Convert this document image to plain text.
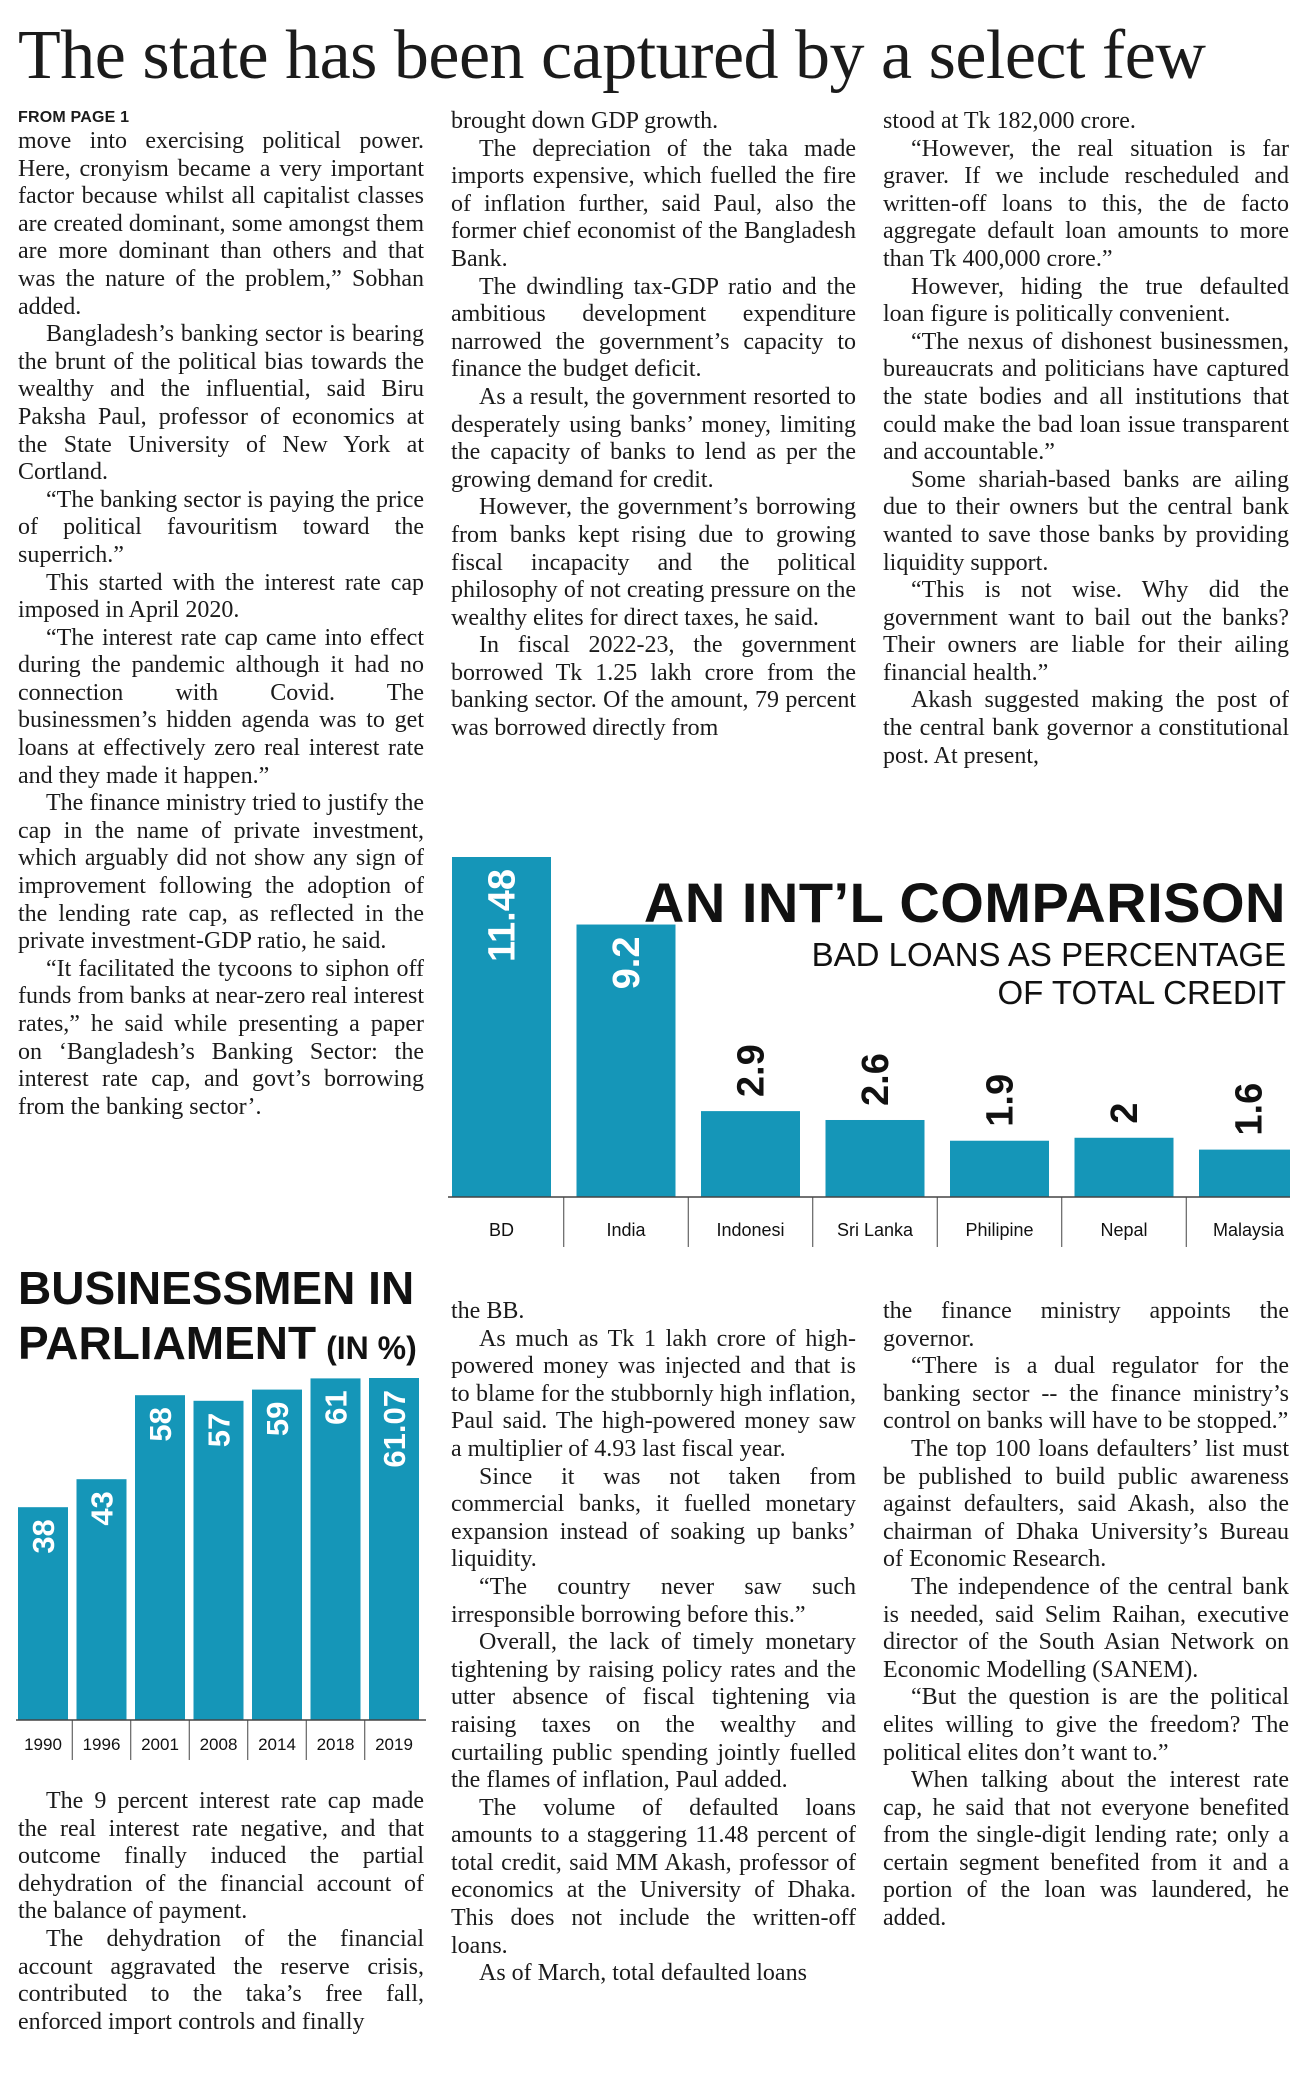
The state has been captured by a select few

FROM PAGE 1

move into exercising political power. Here, cronyism became a very important factor because whilst all capitalist classes are created dominant, some amongst them are more dominant than others and that was the nature of the problem,” Sobhan added.

Bangladesh’s banking sector is bearing the brunt of the political bias towards the wealthy and the influential, said Biru Paksha Paul, professor of economics at the State University of New York at Cortland.

“The banking sector is paying the price of political favouritism toward the superrich.”

This started with the interest rate cap imposed in April 2020.

“The interest rate cap came into effect during the pandemic although it had no connection with Covid. The businessmen’s hidden agenda was to get loans at effectively zero real interest rate and they made it happen.”

The finance ministry tried to justify the cap in the name of private investment, which arguably did not show any sign of improvement following the adoption of the lending rate cap, as reflected in the private investment-GDP ratio, he said.

“It facilitated the tycoons to siphon off funds from banks at near-zero real interest rates,” he said while presenting a paper on ‘Bangladesh’s Banking Sector: the interest rate cap, and govt’s borrowing from the banking sector’.

brought down GDP growth.

The depreciation of the taka made imports expensive, which fuelled the fire of inflation further, said Paul, also the former chief economist of the Bangladesh Bank.

The dwindling tax-GDP ratio and the ambitious development expenditure narrowed the government’s capacity to finance the budget deficit.

As a result, the government resorted to desperately using banks’ money, limiting the capacity of banks to lend as per the growing demand for credit.

However, the government’s borrowing from banks kept rising due to growing fiscal incapacity and the political philosophy of not creating pressure on the wealthy elites for direct taxes, he said.

In fiscal 2022-23, the government borrowed Tk 1.25 lakh crore from the banking sector. Of the amount, 79 percent was borrowed directly from

stood at Tk 182,000 crore.

“However, the real situation is far graver. If we include rescheduled and written-off loans to this, the de facto aggregate default loan amounts to more than Tk 400,000 crore.”

However, hiding the true defaulted loan figure is politically convenient.

“The nexus of dishonest businessmen, bureaucrats and politicians have captured the state bodies and all institutions that could make the bad loan issue transparent and accountable.”

Some shariah-based banks are ailing due to their owners but the central bank wanted to save those banks by providing liquidity support.

“This is not wise. Why did the government want to bail out the banks? Their owners are liable for their ailing financial health.”

Akash suggested making the post of the central bank governor a constitutional post. At present,

11.48
BD
9.2
India
2.9
Indonesi
2.6
Sri Lanka
1.9
Philipine
2
Nepal
1.6
Malaysia
AN INT’L COMPARISON
BAD LOANS AS PERCENTAGE
OF TOTAL CREDIT
BUSINESSMEN IN
PARLIAMENT (IN %)
38
1990
43
1996
58
2001
57
2008
59
2014
61
2018
61.07
2019

The 9 percent interest rate cap made the real interest rate negative, and that outcome finally induced the partial dehydration of the financial account of the balance of payment.

The dehydration of the financial account aggravated the reserve crisis, contributed to the taka’s free fall, enforced import controls and finally

the BB.

As much as Tk 1 lakh crore of high-powered money was injected and that is to blame for the stubbornly high inflation, Paul said. The high-powered money saw a multiplier of 4.93 last fiscal year.

Since it was not taken from commercial banks, it fuelled monetary expansion instead of soaking up banks’ liquidity.

“The country never saw such irresponsible borrowing before this.”

Overall, the lack of timely monetary tightening by raising policy rates and the utter absence of fiscal tightening via raising taxes on the wealthy and curtailing public spending jointly fuelled the flames of inflation, Paul added.

The volume of defaulted loans amounts to a staggering 11.48 percent of total credit, said MM Akash, professor of economics at the University of Dhaka. This does not include the written-off loans.

As of March, total defaulted loans

the finance ministry appoints the governor.

“There is a dual regulator for the banking sector -- the finance ministry’s control on banks will have to be stopped.”

The top 100 loans defaulters’ list must be published to build public awareness against defaulters, said Akash, also the chairman of Dhaka University’s Bureau of Economic Research.

The independence of the central bank is needed, said Selim Raihan, executive director of the South Asian Network on Economic Modelling (SANEM).

“But the question is are the political elites willing to give the freedom? The political elites don’t want to.”

When talking about the interest rate cap, he said that not everyone benefited from the single-digit lending rate; only a certain segment benefited from it and a portion of the loan was laundered, he added.
